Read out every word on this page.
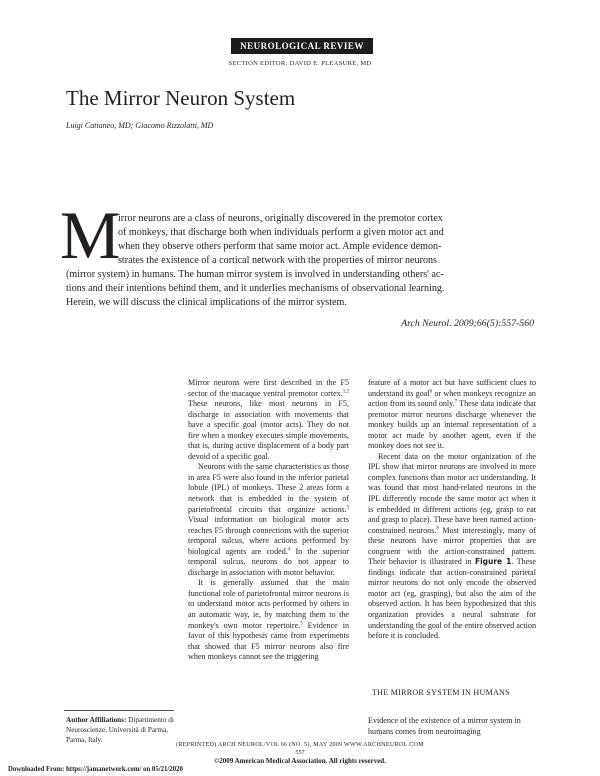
NEUROLOGICAL REVIEW
SECTION EDITOR: DAVID E. PLEASURE, MD
The Mirror Neuron System
Luigi Cattaneo, MD; Giacomo Rizzolatti, MD
M
irror neurons are a class of neurons, originally discovered in the premotor cortex
of monkeys, that discharge both when individuals perform a given motor act and
when they observe others perform that same motor act. Ample evidence demon-
strates the existence of a cortical network with the properties of mirror neurons
(mirror system) in humans. The human mirror system is involved in understanding others' ac-
tions and their intentions behind them, and it underlies mechanisms of observational learning.
Herein, we will discuss the clinical implications of the mirror system.
Arch Neurol. 2009;66(5):557-560

Mirror neurons were first described in the F5 sector of the macaque ventral premotor cortex.$^{1,2}$ These neurons, like most neurons in F5, discharge in association with movements that have a specific goal (motor acts). They do not fire when a monkey executes simple movements, that is, during active displacement of a body part devoid of a specific goal.

Neurons with the same characteristics as those in area F5 were also found in the inferior parietal lobule (IPL) of monkeys. These 2 areas form a network that is embedded in the system of parietofrontal circuits that organize actions.$^3$ Visual information on biological motor acts reaches F5 through connections with the superior temporal sulcus, where actions performed by biological agents are coded.$^4$ In the superior temporal sulcus, neurons do not appear to discharge in association with motor behavior.

It is generally assumed that the main functional role of parietofrontal mirror neurons is to understand motor acts performed by others in an automatic way, ie, by matching them to the monkey's own motor repertoire.$^5$ Evidence in favor of this hypothesis came from experiments that showed that F5 mirror neurons also fire when monkeys cannot see the triggering

feature of a motor act but have sufficient clues to understand its goal$^6$ or when monkeys recognize an action from its sound only.$^7$ These data indicate that premotor mirror neurons discharge whenever the monkey builds up an internal representation of a motor act made by another agent, even if the monkey does not see it.

Recent data on the motor organization of the IPL show that mirror neurons are involved in more complex functions than motor act understanding. It was found that most hand-related neurons in the IPL differently encode the same motor act when it is embedded in different actions (eg, grasp to eat and grasp to place). These have been named action-constrained neurons.$^8$ Most interestingly, many of these neurons have mirror properties that are congruent with the action-constrained pattern. Their behavior is illustrated in Figure 1. These findings indicate that action-constrained parietal mirror neurons do not only encode the observed motor act (eg, grasping), but also the aim of the observed action. It has been hypothesized that this organization provides a neural substrate for understanding the goal of the entire observed action before it is concluded.

THE MIRROR SYSTEM IN HUMANS
Evidence of the existence of a mirror system in humans comes from neuroimaging
Author Affiliations: Dipartimento di Neuroscienze, Università di Parma, Parma, Italy.
(REPRINTED) ARCH NEUROL/VOL 66 (NO. 5), MAY 2009 WWW.ARCHNEUROL.COM
557
©2009 American Medical Association. All rights reserved.
Downloaded From: https://jamanetwork.com/ on 05/21/2020
